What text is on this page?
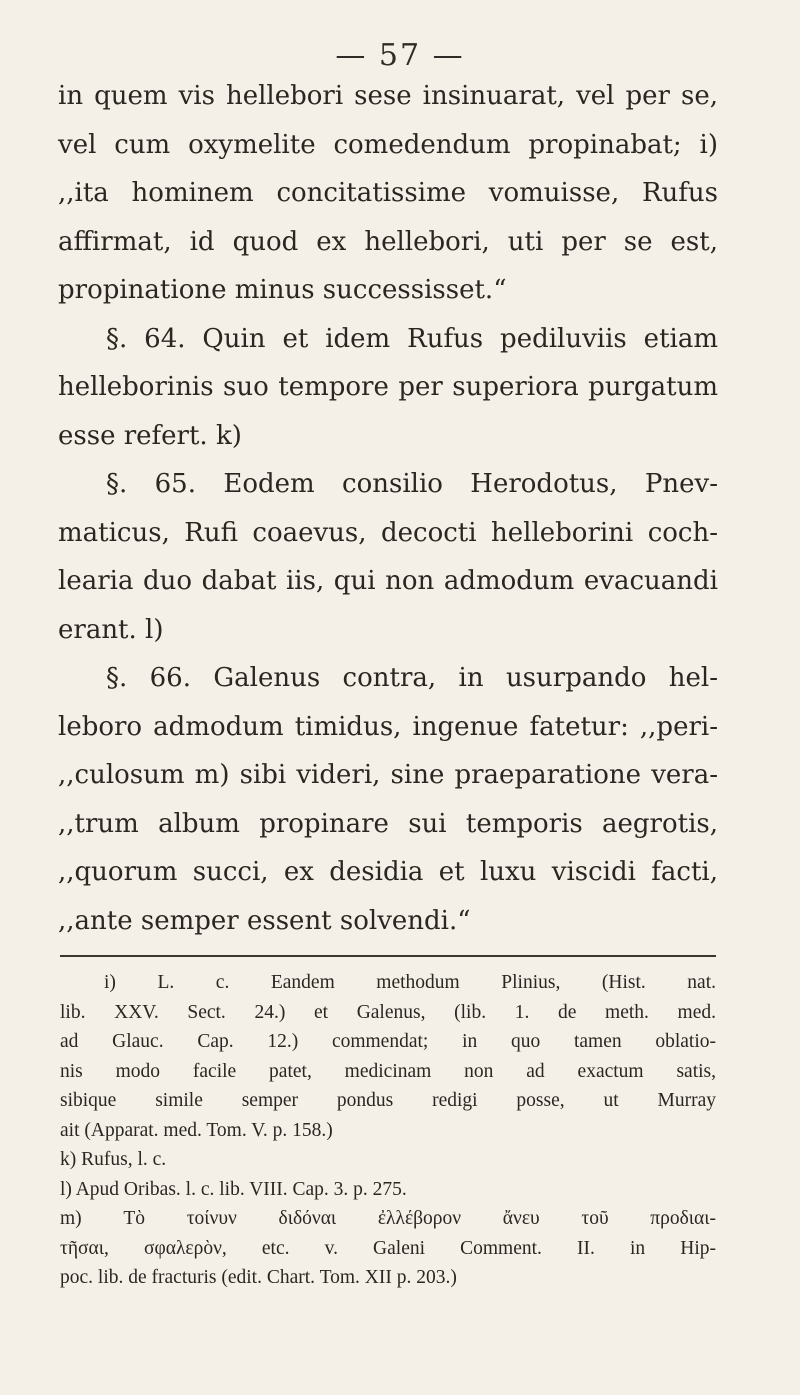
— 57 —
in quem vis hellebori sese insinuarat, vel per se,
vel cum oxymelite comedendum propinabat; i)
,,ita hominem concitatissime vomuisse, Rufus
affirmat, id quod ex hellebori, uti per se est,
propinatione minus successisset.“
§. 64. Quin et idem Rufus pediluviis etiam
helleborinis suo tempore per superiora purgatum
esse refert. k)
§. 65. Eodem consilio Herodotus, Pnev-
maticus, Rufi coaevus, decocti helleborini coch-
learia duo dabat iis, qui non admodum evacuandi
erant. l)
§. 66. Galenus contra, in usurpando hel-
leboro admodum timidus, ingenue fatetur: ,,peri-
,,culosum m) sibi videri, sine praeparatione vera-
,,trum album propinare sui temporis aegrotis,
,,quorum succi, ex desidia et luxu viscidi facti,
,,ante semper essent solvendi.“
i) L. c. Eandem methodum Plinius, (Hist. nat.
lib. XXV. Sect. 24.) et Galenus, (lib. 1. de meth. med.
ad Glauc. Cap. 12.) commendat; in quo tamen oblatio-
nis modo facile patet, medicinam non ad exactum satis,
sibique simile semper pondus redigi posse, ut Murray
ait (Apparat. med. Tom. V. p. 158.)
k) Rufus, l. c.
l) Apud Oribas. l. c. lib. VIII. Cap. 3. p. 275.
m) Τὸ τοίνυν διδόναι ἐλλέβορον ἄνευ τοῦ προδιαι-
τῆσαι, σφαλερὸν, etc. v. Galeni Comment. II. in Hip-
poc. lib. de fracturis (edit. Chart. Tom. XII p. 203.)
